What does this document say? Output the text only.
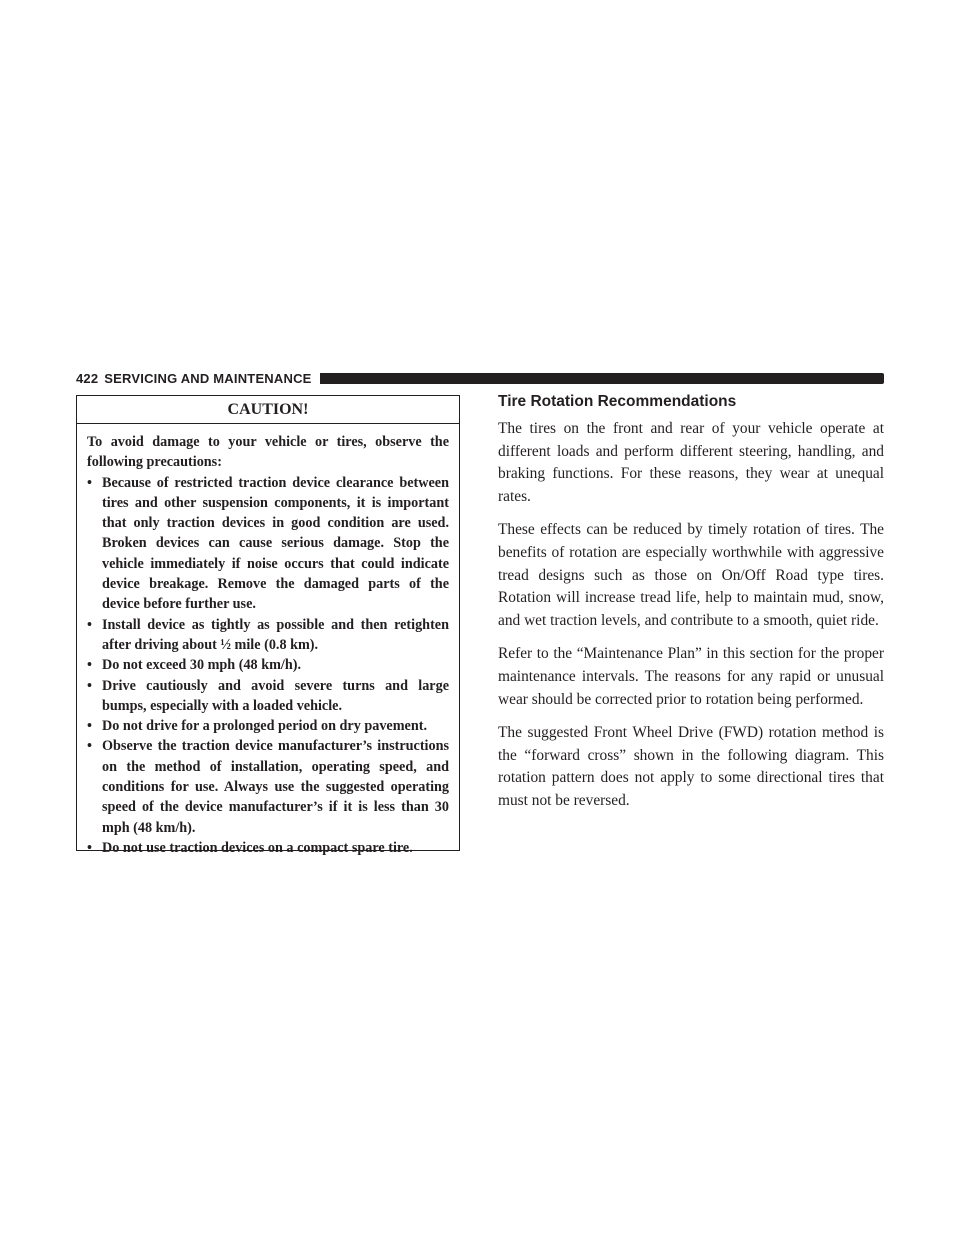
422 SERVICING AND MAINTENANCE
CAUTION!

To avoid damage to your vehicle or tires, observe the following precautions:

• Because of restricted traction device clearance between tires and other suspension components, it is important that only traction devices in good condition are used. Broken devices can cause serious damage. Stop the vehicle immediately if noise occurs that could indicate device breakage. Remove the damaged parts of the device before further use.
• Install device as tightly as possible and then retighten after driving about ½ mile (0.8 km).
• Do not exceed 30 mph (48 km/h).
• Drive cautiously and avoid severe turns and large bumps, especially with a loaded vehicle.
• Do not drive for a prolonged period on dry pavement.
• Observe the traction device manufacturer’s instructions on the method of installation, operating speed, and conditions for use. Always use the suggested operating speed of the device manufacturer’s if it is less than 30 mph (48 km/h).
• Do not use traction devices on a compact spare tire.
Tire Rotation Recommendations

The tires on the front and rear of your vehicle operate at different loads and perform different steering, handling, and braking functions. For these reasons, they wear at unequal rates.

These effects can be reduced by timely rotation of tires. The benefits of rotation are especially worthwhile with aggressive tread designs such as those on On/Off Road type tires. Rotation will increase tread life, help to maintain mud, snow, and wet traction levels, and contribute to a smooth, quiet ride.

Refer to the “Maintenance Plan” in this section for the proper maintenance intervals. The reasons for any rapid or unusual wear should be corrected prior to rotation being performed.

The suggested Front Wheel Drive (FWD) rotation method is the “forward cross” shown in the following diagram. This rotation pattern does not apply to some directional tires that must not be reversed.
